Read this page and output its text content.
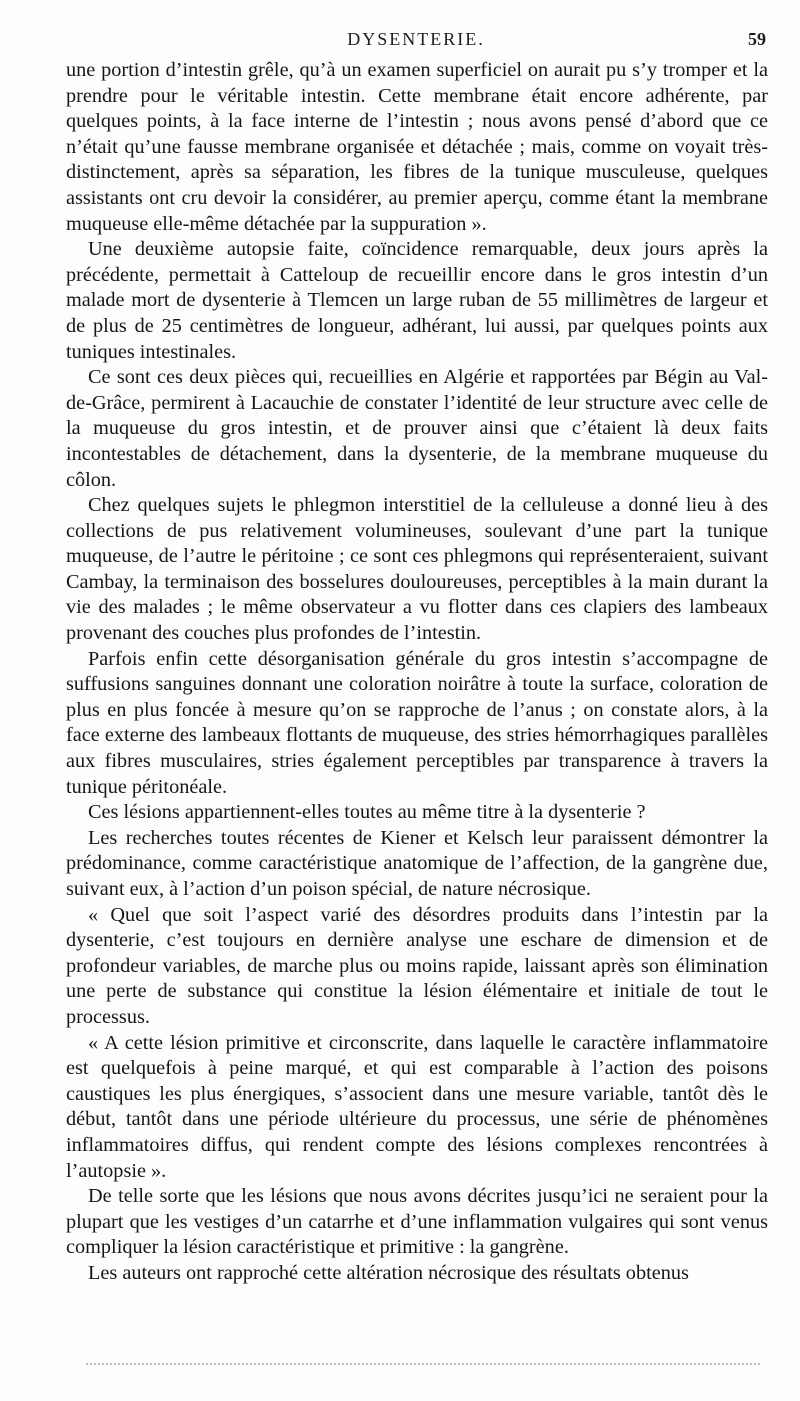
DYSENTERIE.	59

une portion d’intestin grêle, qu’à un examen superficiel on aurait pu s’y tromper et la prendre pour le véritable intestin. Cette membrane était encore adhérente, par quelques points, à la face interne de l’intestin ; nous avons pensé d’abord que ce n’était qu’une fausse membrane organisée et détachée ; mais, comme on voyait très-distinctement, après sa séparation, les fibres de la tunique musculeuse, quelques assistants ont cru devoir la considérer, au premier aperçu, comme étant la membrane muqueuse elle-même détachée par la suppuration ».

Une deuxième autopsie faite, coïncidence remarquable, deux jours après la précédente, permettait à Catteloup de recueillir encore dans le gros intestin d’un malade mort de dysenterie à Tlemcen un large ruban de 55 millimètres de largeur et de plus de 25 centimètres de longueur, adhérant, lui aussi, par quelques points aux tuniques intestinales.

Ce sont ces deux pièces qui, recueillies en Algérie et rapportées par Bégin au Val-de-Grâce, permirent à Lacauchie de constater l’identité de leur structure avec celle de la muqueuse du gros intestin, et de prouver ainsi que c’étaient là deux faits incontestables de détachement, dans la dysenterie, de la membrane muqueuse du côlon.

Chez quelques sujets le phlegmon interstitiel de la celluleuse a donné lieu à des collections de pus relativement volumineuses, soulevant d’une part la tunique muqueuse, de l’autre le péritoine ; ce sont ces phlegmons qui représenteraient, suivant Cambay, la terminaison des bosselures douloureuses, perceptibles à la main durant la vie des malades ; le même observateur a vu flotter dans ces clapiers des lambeaux provenant des couches plus profondes de l’intestin.

Parfois enfin cette désorganisation générale du gros intestin s’accompagne de suffusions sanguines donnant une coloration noirâtre à toute la surface, coloration de plus en plus foncée à mesure qu’on se rapproche de l’anus ; on constate alors, à la face externe des lambeaux flottants de muqueuse, des stries hémorrhagiques parallèles aux fibres musculaires, stries également perceptibles par transparence à travers la tunique péritonéale.

Ces lésions appartiennent-elles toutes au même titre à la dysenterie ?

Les recherches toutes récentes de Kiener et Kelsch leur paraissent démontrer la prédominance, comme caractéristique anatomique de l’affection, de la gangrène due, suivant eux, à l’action d’un poison spécial, de nature nécrosique.

« Quel que soit l’aspect varié des désordres produits dans l’intestin par la dysenterie, c’est toujours en dernière analyse une eschare de dimension et de profondeur variables, de marche plus ou moins rapide, laissant après son élimination une perte de substance qui constitue la lésion élémentaire et initiale de tout le processus.

« A cette lésion primitive et circonscrite, dans laquelle le caractère inflammatoire est quelquefois à peine marqué, et qui est comparable à l’action des poisons caustiques les plus énergiques, s’associent dans une mesure variable, tantôt dès le début, tantôt dans une période ultérieure du processus, une série de phénomènes inflammatoires diffus, qui rendent compte des lésions complexes rencontrées à l’autopsie ».

De telle sorte que les lésions que nous avons décrites jusqu’ici ne seraient pour la plupart que les vestiges d’un catarrhe et d’une inflammation vulgaires qui sont venus compliquer la lésion caractéristique et primitive : la gangrène.

Les auteurs ont rapproché cette altération nécrosique des résultats obtenus
